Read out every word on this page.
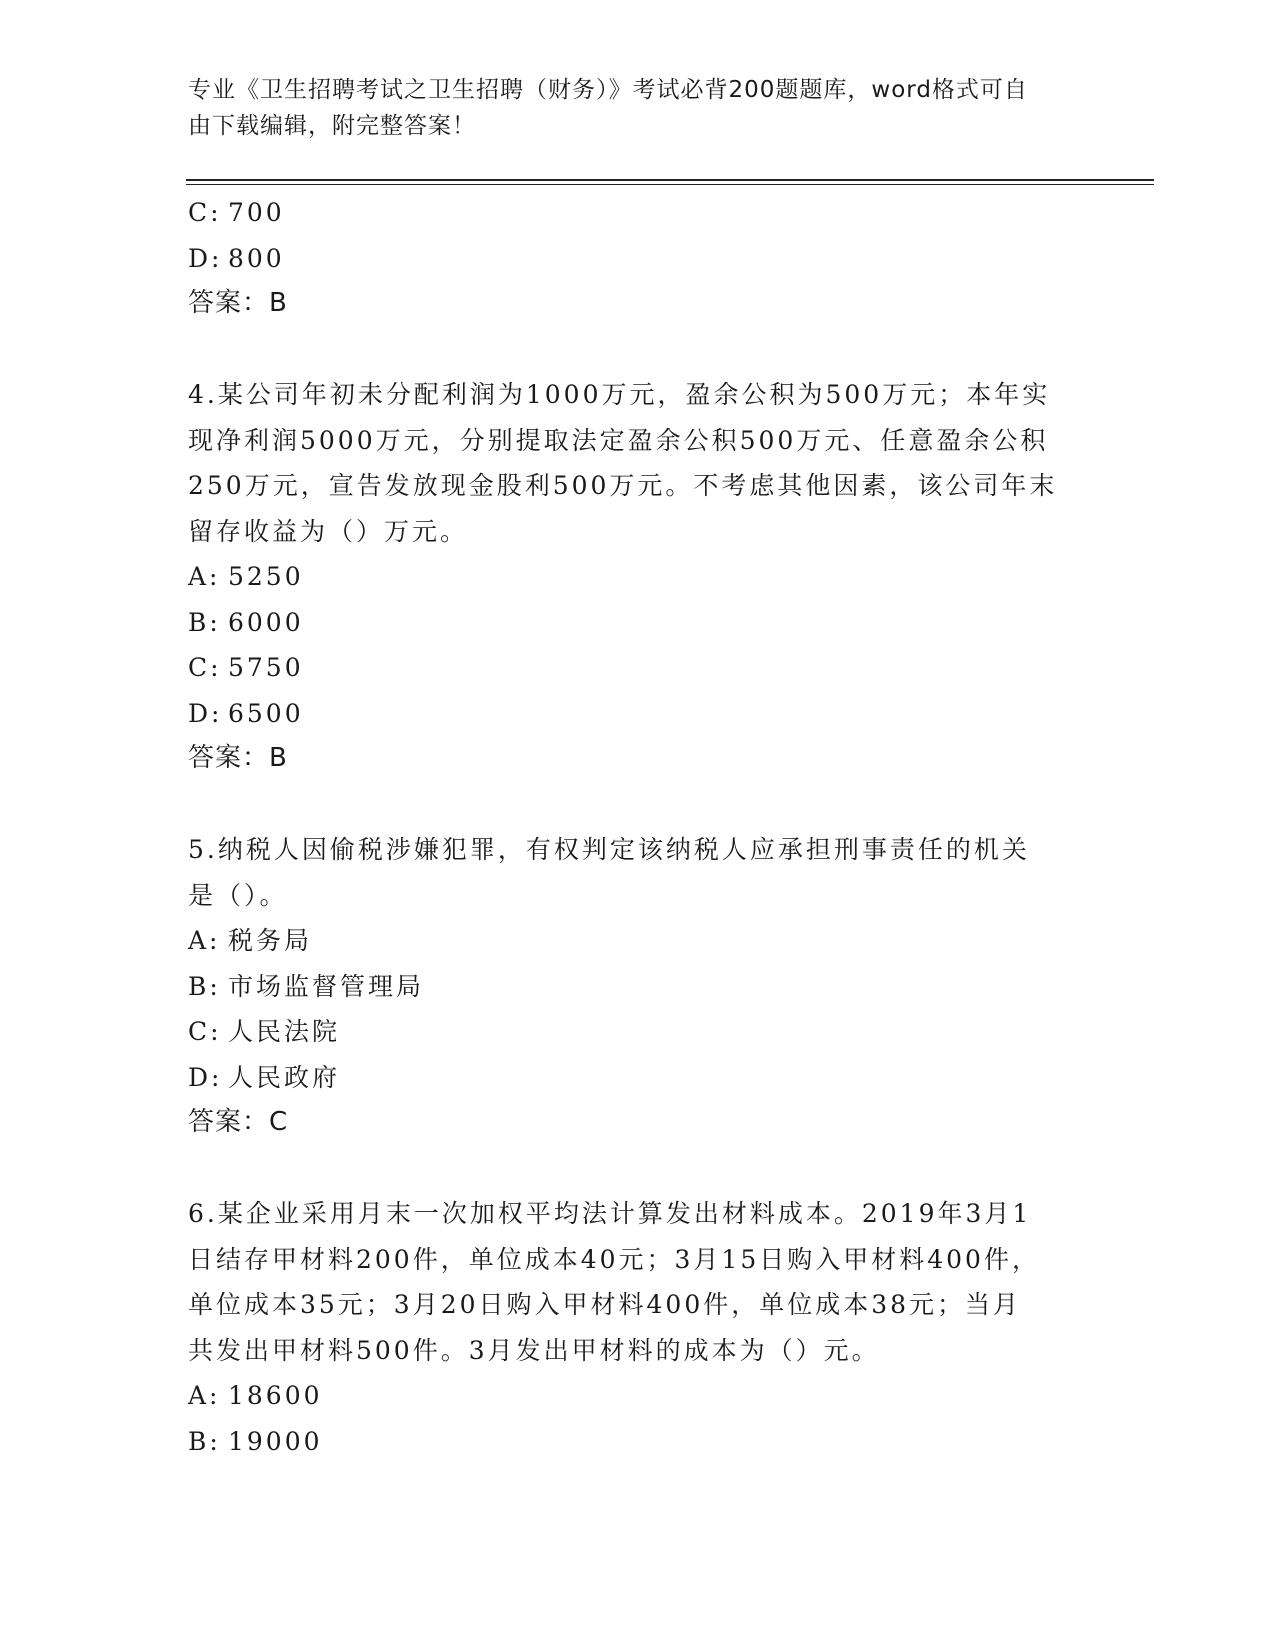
专业《卫生招聘考试之卫生招聘（财务）》考试必背200题题库，word格式可自
由下载编辑，附完整答案！
C: 700
D: 800
答案：B
4.某公司年初未分配利润为1000万元，盈余公积为500万元；本年实
现净利润5000万元，分别提取法定盈余公积500万元、任意盈余公积
250万元，宣告发放现金股利500万元。不考虑其他因素，该公司年末
留存收益为（）万元。
A: 5250
B: 6000
C: 5750
D: 6500
答案：B
5.纳税人因偷税涉嫌犯罪，有权判定该纳税人应承担刑事责任的机关
是（）。
A: 税务局
B: 市场监督管理局
C: 人民法院
D: 人民政府
答案：C
6.某企业采用月末一次加权平均法计算发出材料成本。2019年3月1
日结存甲材料200件，单位成本40元；3月15日购入甲材料400件，
单位成本35元；3月20日购入甲材料400件，单位成本38元；当月
共发出甲材料500件。3月发出甲材料的成本为（）元。
A: 18600
B: 19000
